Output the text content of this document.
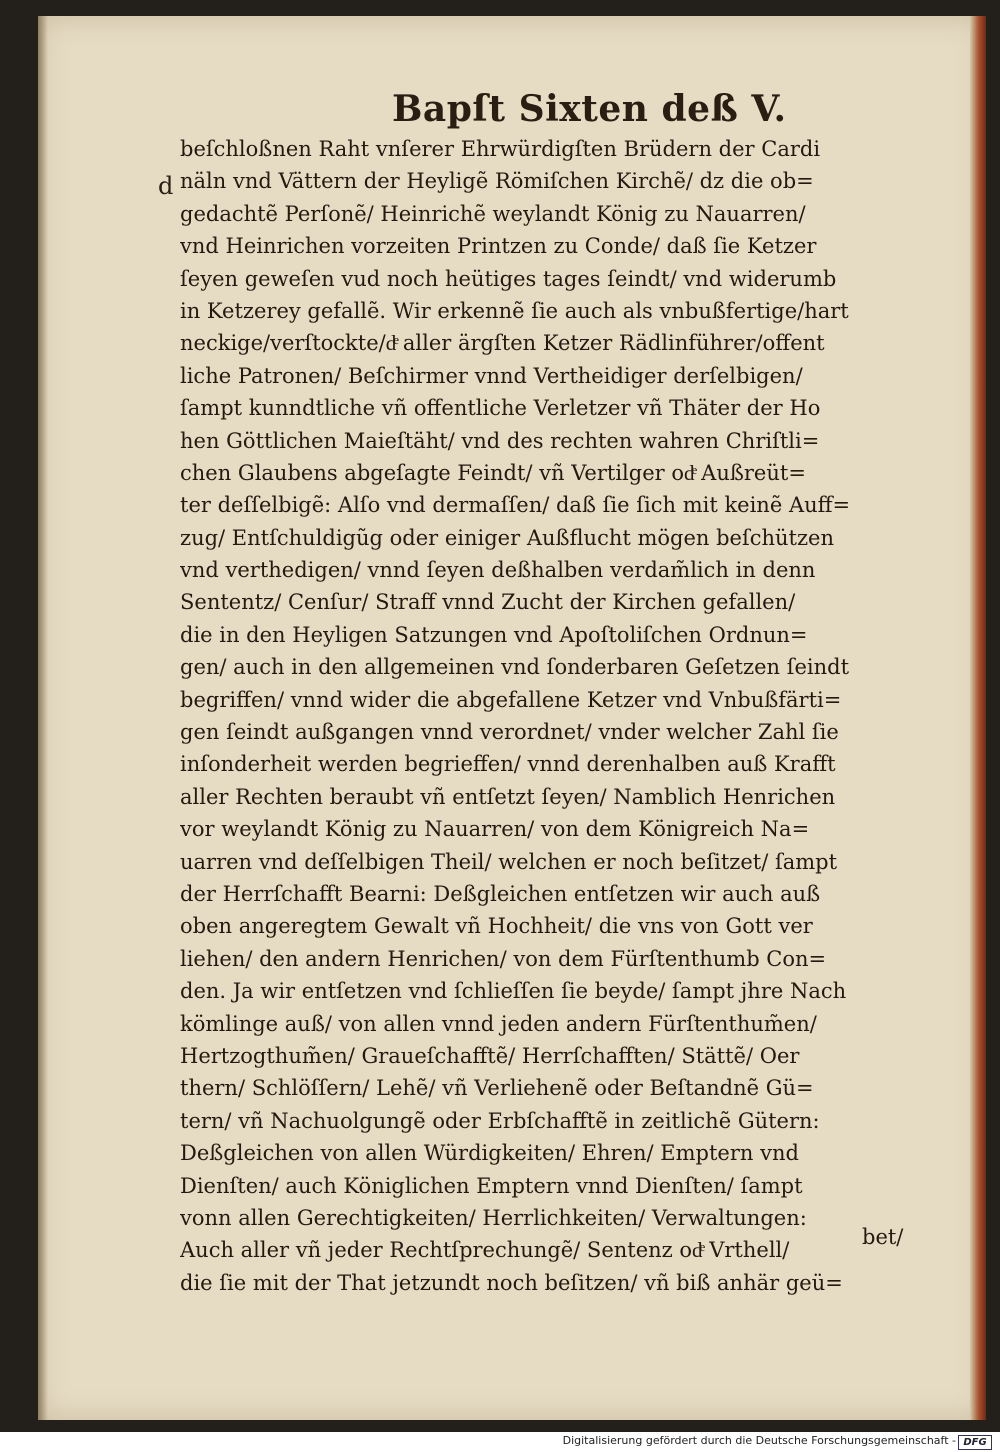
Bapſt Sixten deß V.
d
beſchloßnen Raht vnſerer Ehrwürdigſten Brüdern der Cardi
näln vnd Vättern der Heyligẽ Römiſchen Kirchẽ/ dz die ob=
gedachtẽ Perſonẽ/ Heinrichẽ weylandt König zu Nauarren/
vnd Heinrichen vorzeiten Printzen zu Conde/ daß ſie Ketzer
ſeyen geweſen vud noch heütiges tages ſeindt/ vnd widerumb
in Ketzerey gefallẽ. Wir erkennẽ ſie auch als vnbußfertige/hart
neckige/verſtockte/dͤ aller ärgſten Ketzer Rädlinführer/offent
liche Patronen/ Beſchirmer vnnd Vertheidiger derſelbigen/
ſampt kunndtliche vñ offentliche Verletzer vñ Thäter der Ho
hen Göttlichen Maieſtäht/ vnd des rechten wahren Chriſtli=
chen Glaubens abgeſagte Feindt/ vñ Vertilger odͤ Außreüt=
ter deſſelbigẽ: Alſo vnd dermaſſen/ daß ſie ſich mit keinẽ Auff=
zug/ Entſchuldigũg oder einiger Außflucht mögen beſchützen
vnd verthedigen/ vnnd ſeyen deßhalben verdam̃lich in denn
Sententz/ Cenſur/ Straff vnnd Zucht der Kirchen gefallen/
die in den Heyligen Satzungen vnd Apoſtoliſchen Ordnun=
gen/ auch in den allgemeinen vnd ſonderbaren Geſetzen ſeindt
begriffen/ vnnd wider die abgefallene Ketzer vnd Vnbußfärti=
gen ſeindt außgangen vnnd verordnet/ vnder welcher Zahl ſie
inſonderheit werden begrieffen/ vnnd derenhalben auß Krafft
aller Rechten beraubt vñ entſetzt ſeyen/ Namblich Henrichen
vor weylandt König zu Nauarren/ von dem Königreich Na=
uarren vnd deſſelbigen Theil/ welchen er noch beſitzet/ ſampt
der Herrſchafft Bearni: Deßgleichen entſetzen wir auch auß
oben angeregtem Gewalt vñ Hochheit/ die vns von Gott ver
liehen/ den andern Henrichen/ von dem Fürſtenthumb Con=
den. Ja wir entſetzen vnd ſchlieſſen ſie beyde/ ſampt jhre Nach
kömlinge auß/ von allen vnnd jeden andern Fürſtenthum̃en/
Hertzogthum̃en/ Graueſchafftẽ/ Herrſchafften/ Stättẽ/ Oer
thern/ Schlöſſern/ Lehẽ/ vñ Verliehenẽ oder Beſtandnẽ Gü=
tern/ vñ Nachuolgungẽ oder Erbſchafftẽ in zeitlichẽ Gütern:
Deßgleichen von allen Würdigkeiten/ Ehren/ Emptern vnd
Dienſten/ auch Königlichen Emptern vnnd Dienſten/ ſampt
vonn allen Gerechtigkeiten/ Herrlichkeiten/ Verwaltungen:
Auch aller vñ jeder Rechtſprechungẽ/ Sentenz odͤ Vrthell/
die ſie mit der That jetzundt noch beſitzen/ vñ biß anhär geü=
bet/
Digitalisierung gefördert durch die Deutsche Forschungsgemeinschaft - DFG
